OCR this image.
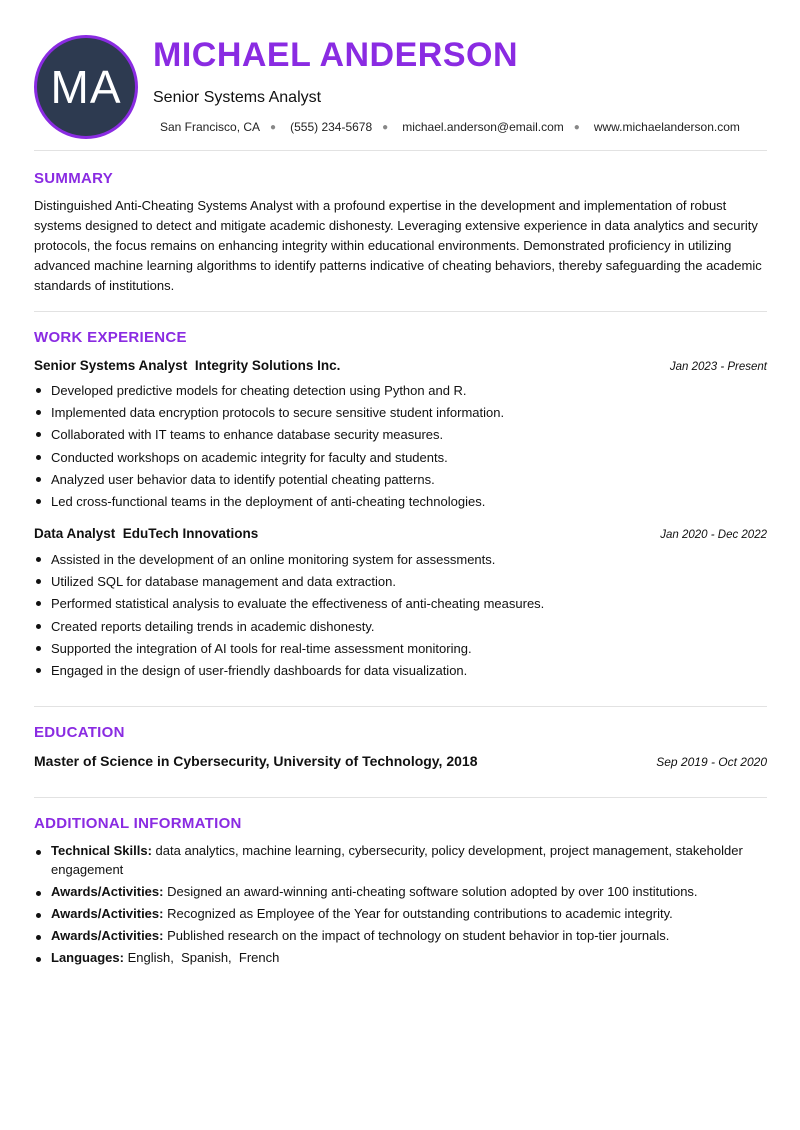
MA
MICHAEL ANDERSON
Senior Systems Analyst
San Francisco, CA ● (555) 234-5678 ● michael.anderson@email.com ● www.michaelanderson.com
SUMMARY

Distinguished Anti-Cheating Systems Analyst with a profound expertise in the development and implementation of robust systems designed to detect and mitigate academic dishonesty. Leveraging extensive experience in data analytics and security protocols, the focus remains on enhancing integrity within educational environments. Demonstrated proficiency in utilizing advanced machine learning algorithms to identify patterns indicative of cheating behaviors, thereby safeguarding the academic standards of institutions.

WORK EXPERIENCE
Senior Systems Analyst Integrity Solutions Inc.	Jan 2023 - Present
Developed predictive models for cheating detection using Python and R.
Implemented data encryption protocols to secure sensitive student information.
Collaborated with IT teams to enhance database security measures.
Conducted workshops on academic integrity for faculty and students.
Analyzed user behavior data to identify potential cheating patterns.
Led cross-functional teams in the deployment of anti-cheating technologies.
Data Analyst EduTech Innovations	Jan 2020 - Dec 2022
Assisted in the development of an online monitoring system for assessments.
Utilized SQL for database management and data extraction.
Performed statistical analysis to evaluate the effectiveness of anti-cheating measures.
Created reports detailing trends in academic dishonesty.
Supported the integration of AI tools for real-time assessment monitoring.
Engaged in the design of user-friendly dashboards for data visualization.
EDUCATION
Master of Science in Cybersecurity, University of Technology, 2018	Sep 2019 - Oct 2020
ADDITIONAL INFORMATION
Technical Skills: data analytics, machine learning, cybersecurity, policy development, project management, stakeholder engagement
Awards/Activities: Designed an award-winning anti-cheating software solution adopted by over 100 institutions.
Awards/Activities: Recognized as Employee of the Year for outstanding contributions to academic integrity.
Awards/Activities: Published research on the impact of technology on student behavior in top-tier journals.
Languages: English,  Spanish,  French
